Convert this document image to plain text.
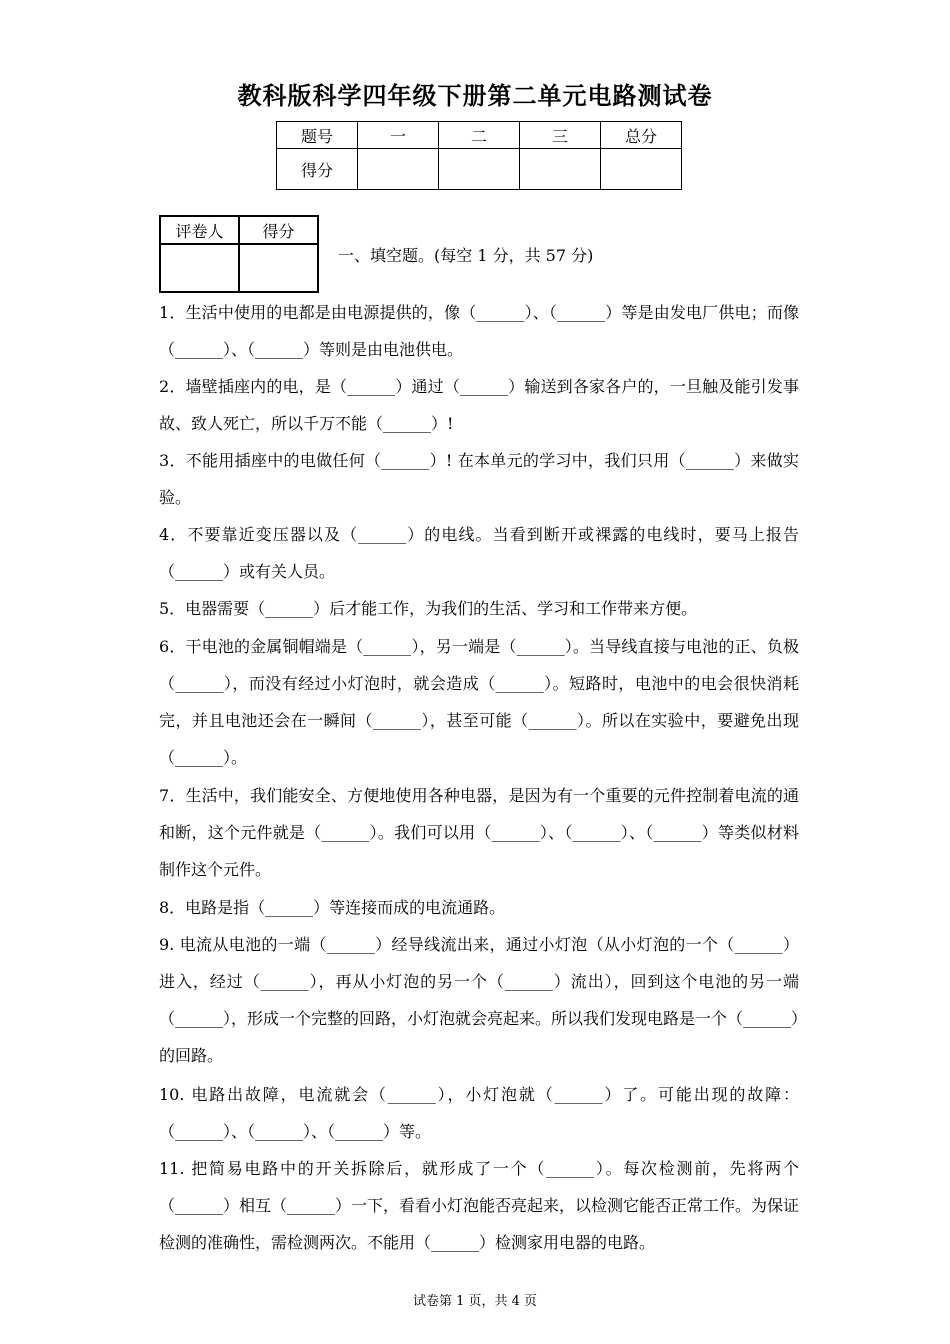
教科版科学四年级下册第二单元电路测试卷
题号	一	二	三	总分
得分				
评卷人	得分

一、填空题。(每空 1 分，共 57 分)
1．生活中使用的电都是由电源提供的，像（______）、（______）等是由发电厂供电；而像（______）、（______）等则是由电池供电。
2．墙壁插座内的电，是（______）通过（______）输送到各家各户的，一旦触及能引发事故、致人死亡，所以千万不能（______）!
3．不能用插座中的电做任何（______）! 在本单元的学习中，我们只用（______）来做实验。
4．不要靠近变压器以及（______）的电线。当看到断开或裸露的电线时，要马上报告（______）或有关人员。
5．电器需要（______）后才能工作，为我们的生活、学习和工作带来方便。
6．干电池的金属铜帽端是（______），另一端是（______）。当导线直接与电池的正、负极（______），而没有经过小灯泡时，就会造成（______）。短路时，电池中的电会很快消耗完，并且电池还会在一瞬间（______），甚至可能（______）。所以在实验中，要避免出现（______）。
7．生活中，我们能安全、方便地使用各种电器，是因为有一个重要的元件控制着电流的通和断，这个元件就是（______）。我们可以用（______）、（______）、（______）等类似材料制作这个元件。
8．电路是指（______）等连接而成的电流通路。
9. 电流从电池的一端（______）经导线流出来，通过小灯泡（从小灯泡的一个（______）进入，经过（______），再从小灯泡的另一个（______）流出），回到这个电池的另一端（______），形成一个完整的回路，小灯泡就会亮起来。所以我们发现电路是一个（______）的回路。
10. 电路出故障，电流就会（______），小灯泡就（______）了。可能出现的故障：（______）、（______）、（______）等。
11. 把简易电路中的开关拆除后，就形成了一个（______）。每次检测前，先将两个（______）相互（______）一下，看看小灯泡能否亮起来，以检测它能否正常工作。为保证检测的准确性，需检测两次。不能用（______）检测家用电器的电路。
试卷第 1 页，共 4 页
